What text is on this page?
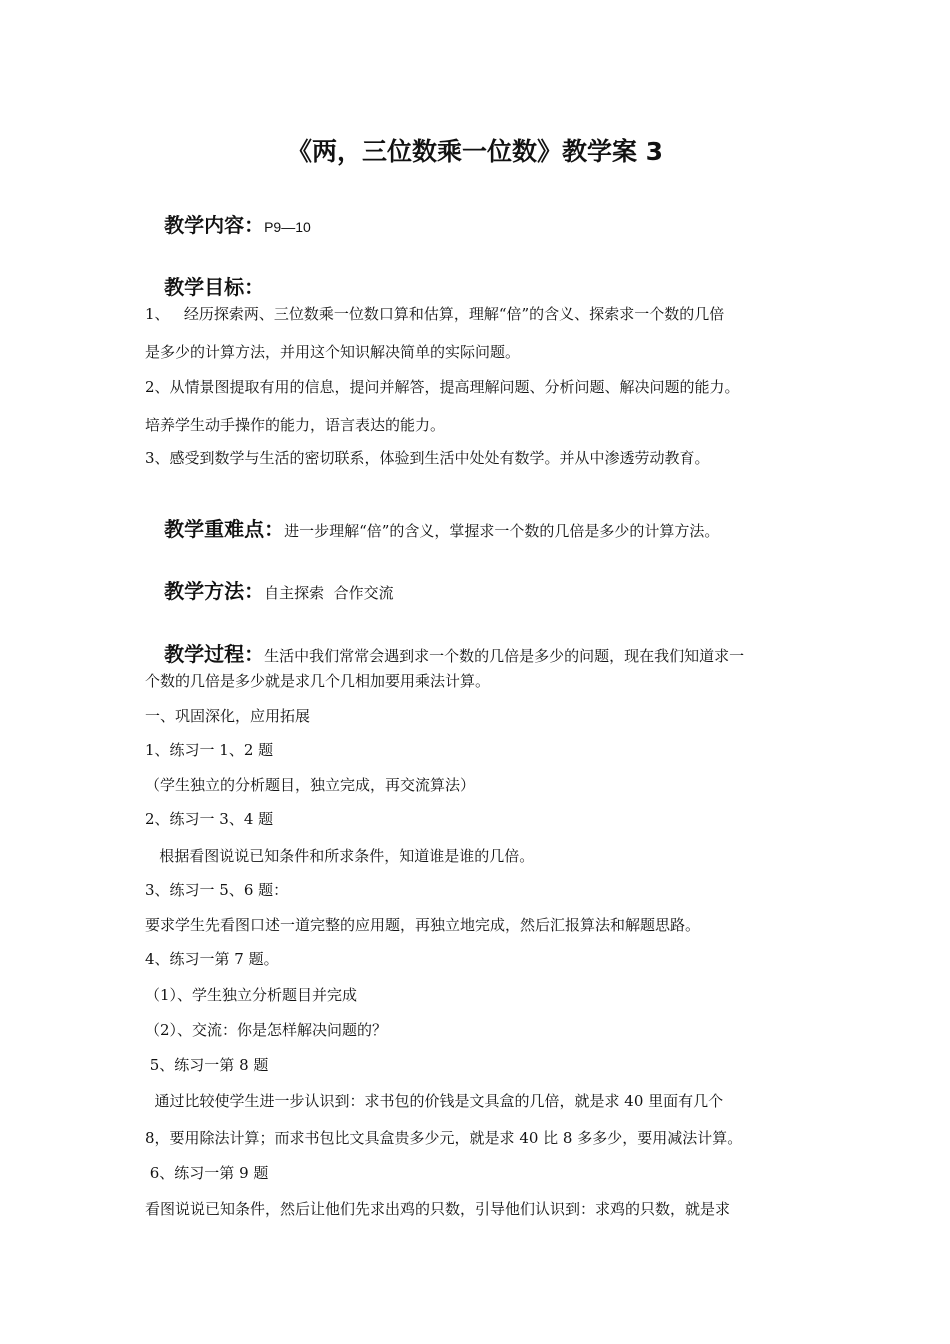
《两，三位数乘一位数》教学案 3

教学内容：P9—10

教学目标：

1、   经历探索两、三位数乘一位数口算和估算，理解“倍”的含义、探索求一个数的几倍
是多少的计算方法，并用这个知识解决简单的实际问题。
2、从情景图提取有用的信息，提问并解答，提高理解问题、分析问题、解决问题的能力。
培养学生动手操作的能力，语言表达的能力。
3、感受到数学与生活的密切联系，体验到生活中处处有数学。并从中渗透劳动教育。

教学重难点：进一步理解“倍”的含义，掌握求一个数的几倍是多少的计算方法。

教学方法：自主探索  合作交流

教学过程：生活中我们常常会遇到求一个数的几倍是多少的问题，现在我们知道求一

个数的几倍是多少就是求几个几相加要用乘法计算。
一、巩固深化，应用拓展
1、练习一 1、2 题
（学生独立的分析题目，独立完成，再交流算法）
2、练习一 3、4 题
根据看图说说已知条件和所求条件，知道谁是谁的几倍。
3、练习一 5、6 题：
要求学生先看图口述一道完整的应用题，再独立地完成，然后汇报算法和解题思路。
4、练习一第 7 题。
（1）、学生独立分析题目并完成
（2）、交流：你是怎样解决问题的？
5、练习一第 8 题
通过比较使学生进一步认识到：求书包的价钱是文具盒的几倍，就是求 40 里面有几个
8，要用除法计算；而求书包比文具盒贵多少元，就是求 40 比 8 多多少，要用减法计算。
6、练习一第 9 题
看图说说已知条件，然后让他们先求出鸡的只数，引导他们认识到：求鸡的只数，就是求
